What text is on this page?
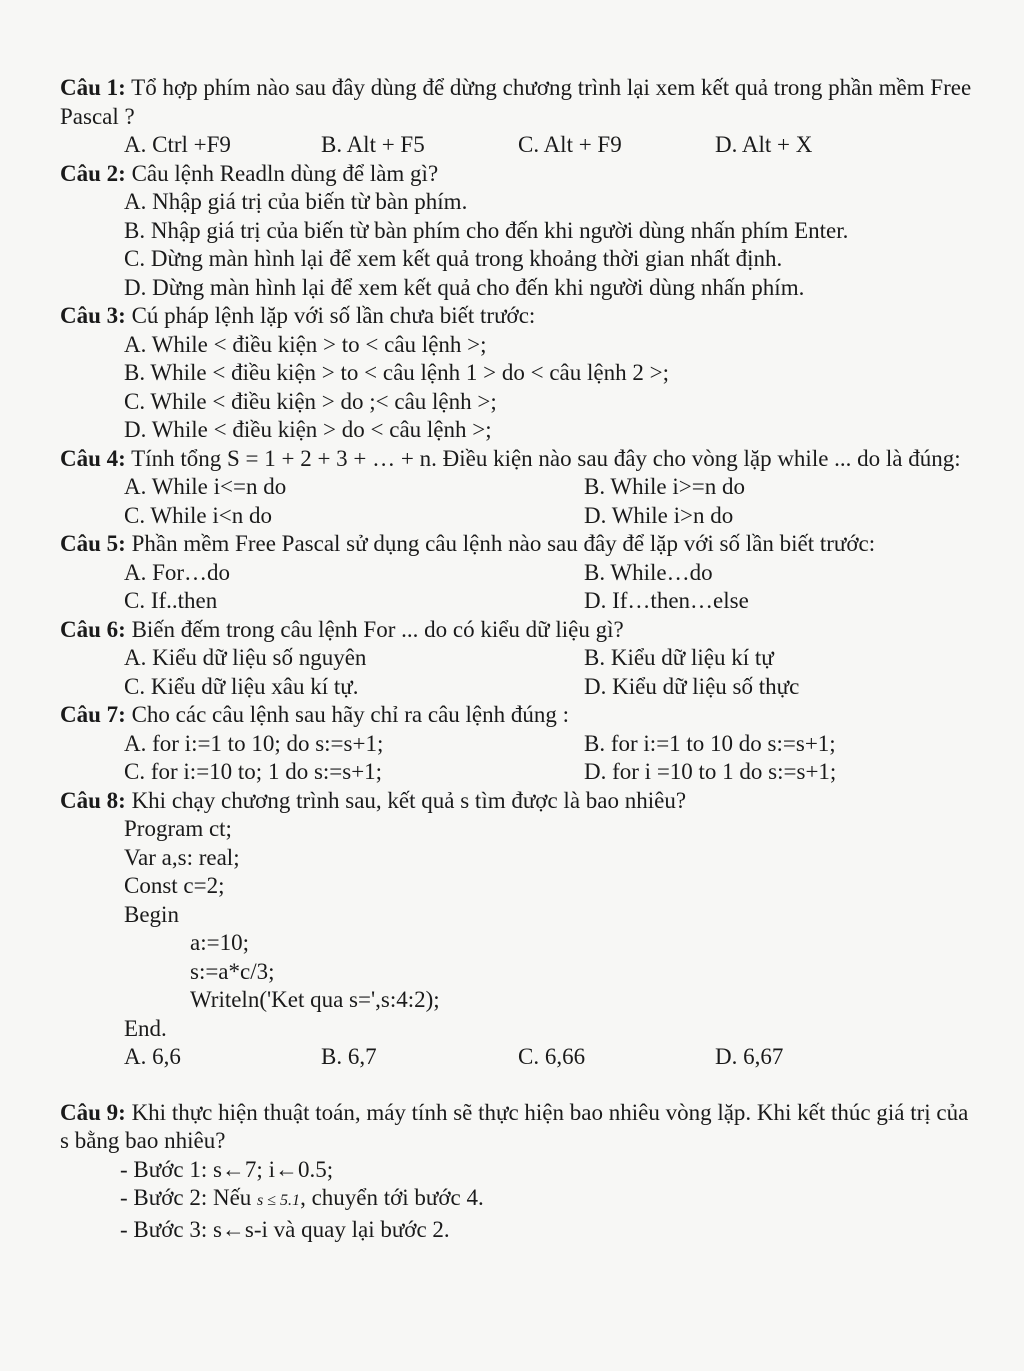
Câu 1: Tổ hợp phím nào sau đây dùng để dừng chương trình lại xem kết quả trong phần mềm Free Pascal ?

A. Ctrl +F9	B. Alt + F5	C. Alt + F9	D. Alt + X

Câu 2: Câu lệnh Readln dùng để làm gì?

A. Nhập giá trị của biến từ bàn phím.

B. Nhập giá trị của biến từ bàn phím cho đến khi người dùng nhấn phím Enter.

C. Dừng màn hình lại để xem kết quả trong khoảng thời gian nhất định.

D. Dừng màn hình lại để xem kết quả cho đến khi người dùng nhấn phím.

Câu 3: Cú pháp lệnh lặp với số lần chưa biết trước:

A. While < điều kiện > to < câu lệnh >;

B. While < điều kiện > to < câu lệnh 1 > do < câu lệnh 2 >;

C. While < điều kiện > do ;< câu lệnh >;

D. While < điều kiện > do < câu lệnh >;

Câu 4: Tính tổng S = 1 + 2 + 3 + … + n. Điều kiện nào sau đây cho vòng lặp while ... do là đúng:

A. While i<=n do	B. While i>=n do
C. While i<n do	D. While i>n do

Câu 5: Phần mềm Free Pascal sử dụng câu lệnh nào sau đây để lặp với số lần biết trước:

A. For…do	B. While…do
C. If..then	D. If…then…else

Câu 6: Biến đếm trong câu lệnh For ... do có kiểu dữ liệu gì?

A. Kiểu dữ liệu số nguyên	B. Kiểu dữ liệu kí tự
C. Kiểu dữ liệu xâu kí tự.	D. Kiểu dữ liệu số thực

Câu 7: Cho các câu lệnh sau hãy chỉ ra câu lệnh đúng :

A. for i:=1 to 10; do s:=s+1;	B. for i:=1 to 10 do s:=s+1;
C. for i:=10 to; 1 do s:=s+1;	D. for i =10 to 1 do s:=s+1;

Câu 8: Khi chạy chương trình sau, kết quả s tìm được là bao nhiêu?

Program ct;
Var a,s: real;
Const c=2;
Begin
a:=10;
s:=a*c/3;
Writeln('Ket qua s=',s:4:2);
End.
A. 6,6	B. 6,7	C. 6,66	D. 6,67

Câu 9: Khi thực hiện thuật toán, máy tính sẽ thực hiện bao nhiêu vòng lặp. Khi kết thúc giá trị của s bằng bao nhiêu?

- Bước 1: s←7; i←0.5;
- Bước 2: Nếu s ≤ 5.1, chuyển tới bước 4.
- Bước 3: s←s-i và quay lại bước 2.
